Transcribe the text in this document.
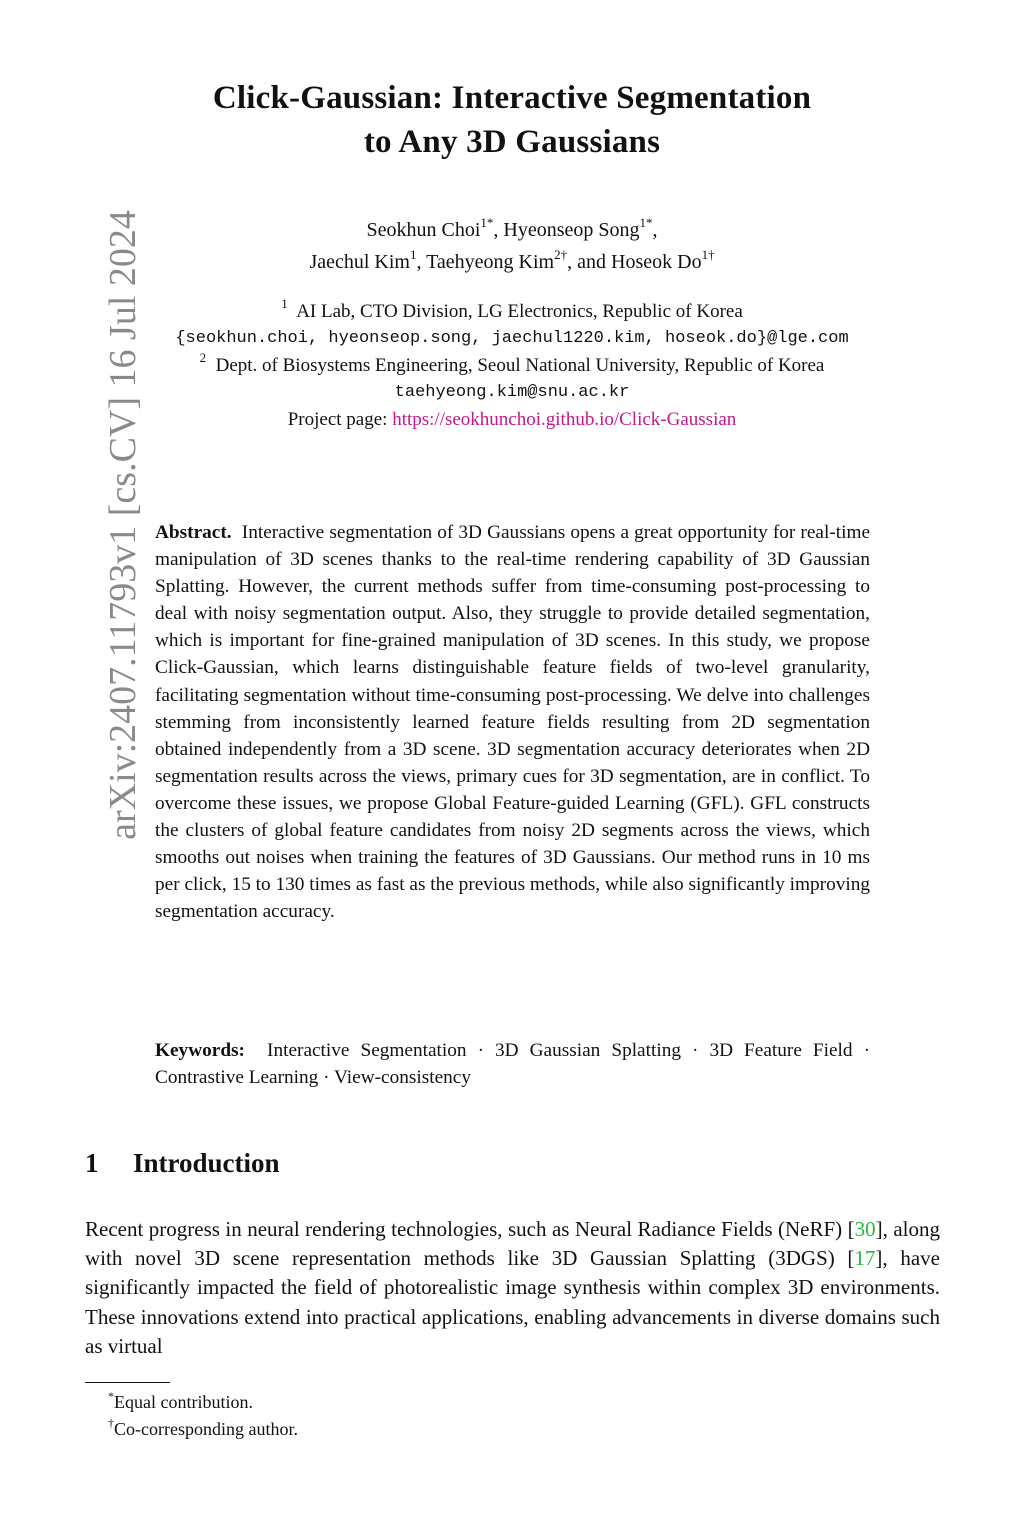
arXiv:2407.11793v1 [cs.CV] 16 Jul 2024
Click-Gaussian: Interactive Segmentation
to Any 3D Gaussians
Seokhun Choi$^{1*}$, Hyeonseop Song$^{1*}$,
Jaechul Kim$^1$, Taehyeong Kim$^{2\dagger}$, and Hoseok $Do^{1\dagger}$
$^1$ AI Lab, CTO Division, LG Electronics, Republic of Korea
{seokhun.choi, hyeonseop.song, jaechul1220.kim, hoseok.do}@lge.com
$^2$ Dept. of Biosystems Engineering, Seoul National University, Republic of Korea
taehyeong.kim@snu.ac.kr
Project page: https://seokhunchoi.github.io/Click-Gaussian
Abstract. Interactive segmentation of 3D Gaussians opens a great opportunity for real-time manipulation of 3D scenes thanks to the real-time rendering capability of 3D Gaussian Splatting. However, the current methods suffer from time-consuming post-processing to deal with noisy segmentation output. Also, they struggle to provide detailed segmentation, which is important for fine-grained manipulation of 3D scenes. In this study, we propose Click-Gaussian, which learns distinguishable feature fields of two-level granularity, facilitating segmentation without time-consuming post-processing. We delve into challenges stemming from inconsistently learned feature fields resulting from 2D segmentation obtained independently from a 3D scene. 3D segmentation accuracy deteriorates when 2D segmentation results across the views, primary cues for 3D segmentation, are in conflict. To overcome these issues, we propose Global Feature-guided Learning (GFL). GFL constructs the clusters of global feature candidates from noisy 2D segments across the views, which smooths out noises when training the features of 3D Gaussians. Our method runs in 10 ms per click, 15 to 130 times as fast as the previous methods, while also significantly improving segmentation accuracy.
Keywords: Interactive Segmentation · 3D Gaussian Splatting · 3D Feature Field · Contrastive Learning · View-consistency
1 Introduction
Recent progress in neural rendering technologies, such as Neural Radiance Fields (NeRF) [30], along with novel 3D scene representation methods like 3D Gaussian Splatting (3DGS) [17], have significantly impacted the field of photorealistic image synthesis within complex 3D environments. These innovations extend into practical applications, enabling advancements in diverse domains such as virtual
*Equal contribution.
†Co-corresponding author.
